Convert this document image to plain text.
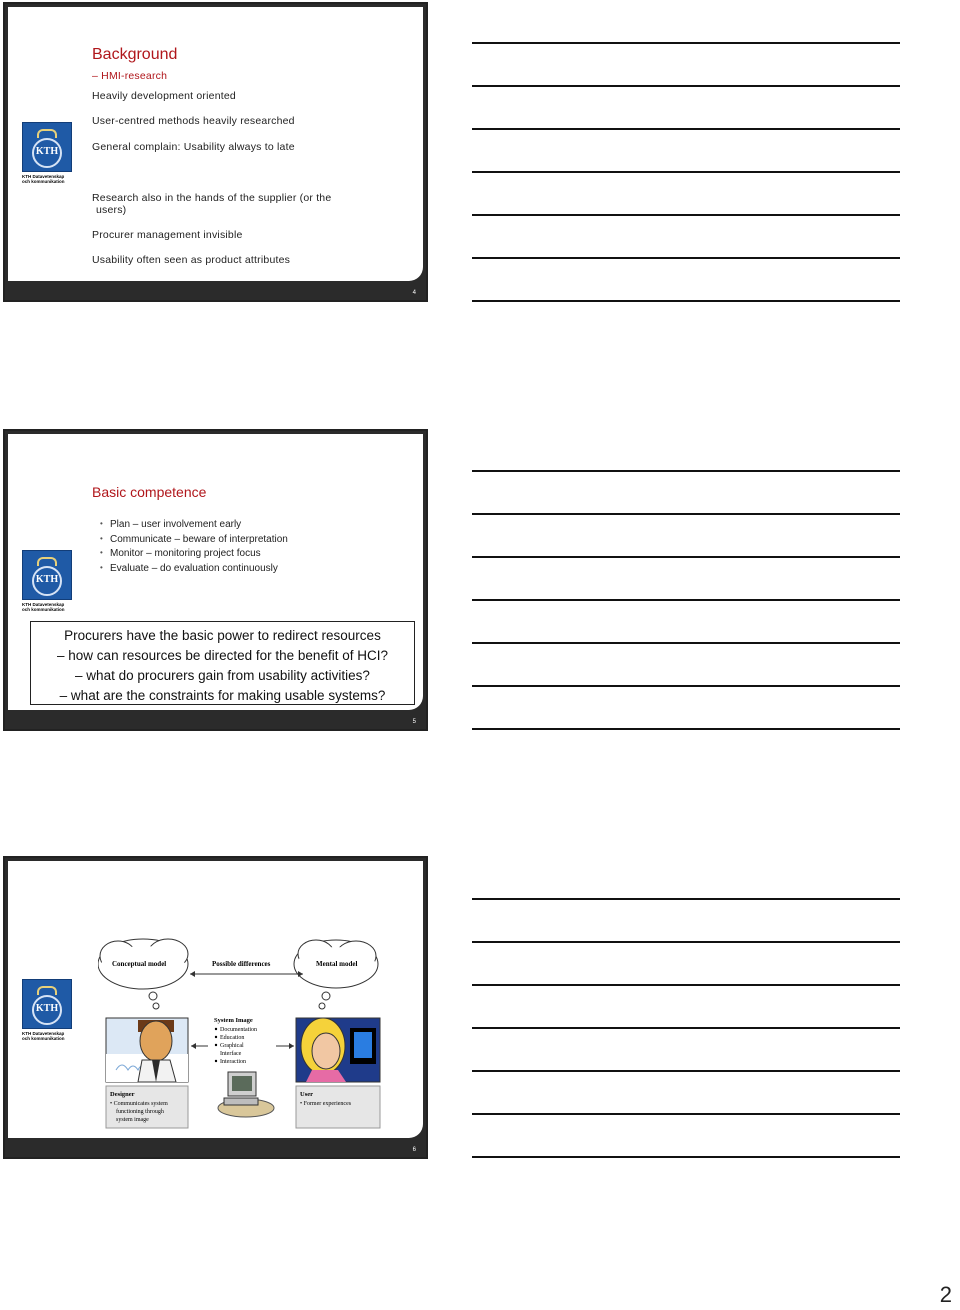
4
Background
– HMI-research
Heavily development oriented
User-centred methods heavily researched
General complain: Usability always to late
Research also in the hands of the supplier (or the
users)
Procurer management invisible
Usability often seen as product attributes
KTH
KTH Datavetenskap
och kommunikation
5
Basic competence
• Plan – user involvement early
• Communicate – beware of interpretation
• Monitor – monitoring project focus
• Evaluate – do evaluation continuously
KTH
KTH Datavetenskap
och kommunikation
Procurers have the basic power to redirect resources
– how can resources be directed for the benefit of HCI?
– what do procurers gain from usability activities?
– what are the constraints for making usable systems?
6
KTH
KTH Datavetenskap
och kommunikation
Conceptual model	Mental model
Possible differences
System Image
Documentation
Education
Graphical
Interface
Interaction
Designer
• Communicates system
functioning through
system image
User
• Former experiences
2
